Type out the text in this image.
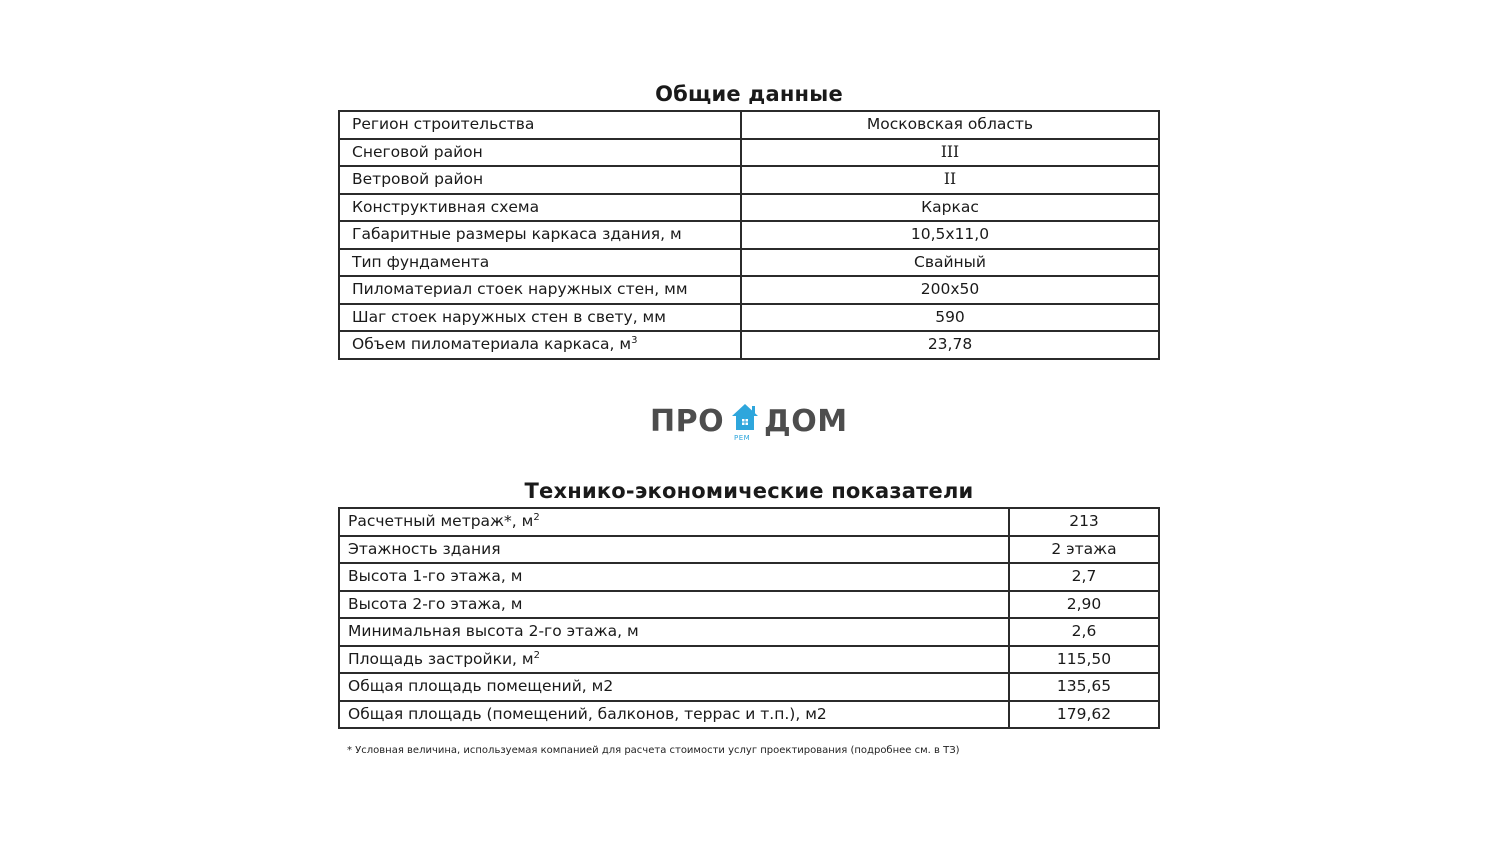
Общие данные
Регион строительства	Московская область
Снеговой район	III
Ветровой район	II
Конструктивная схема	Каркас
Габаритные размеры каркаса здания, м	10,5x11,0
Тип фундамента	Свайный
Пиломатериал стоек наружных стен, мм	200x50
Шаг стоек наружных стен в свету, мм	590
Объем пиломатериала каркаса, $м^3$	23,78
ПРО РЕМ ДОМ
Технико-экономические показатели
Расчетный метраж*, $м^2$	213
Этажность здания	2 этажа
Высота 1-го этажа, м	2,7
Высота 2-го этажа, м	2,90
Минимальная высота 2-го этажа, м	2,6
Площадь застройки, $м^2$	115,50
Общая площадь помещений, м2	135,65
Общая площадь (помещений, балконов, террас и т.п.), м2	179,62
* Условная величина, используемая компанией для расчета стоимости услуг проектирования (подробнее см. в ТЗ)
